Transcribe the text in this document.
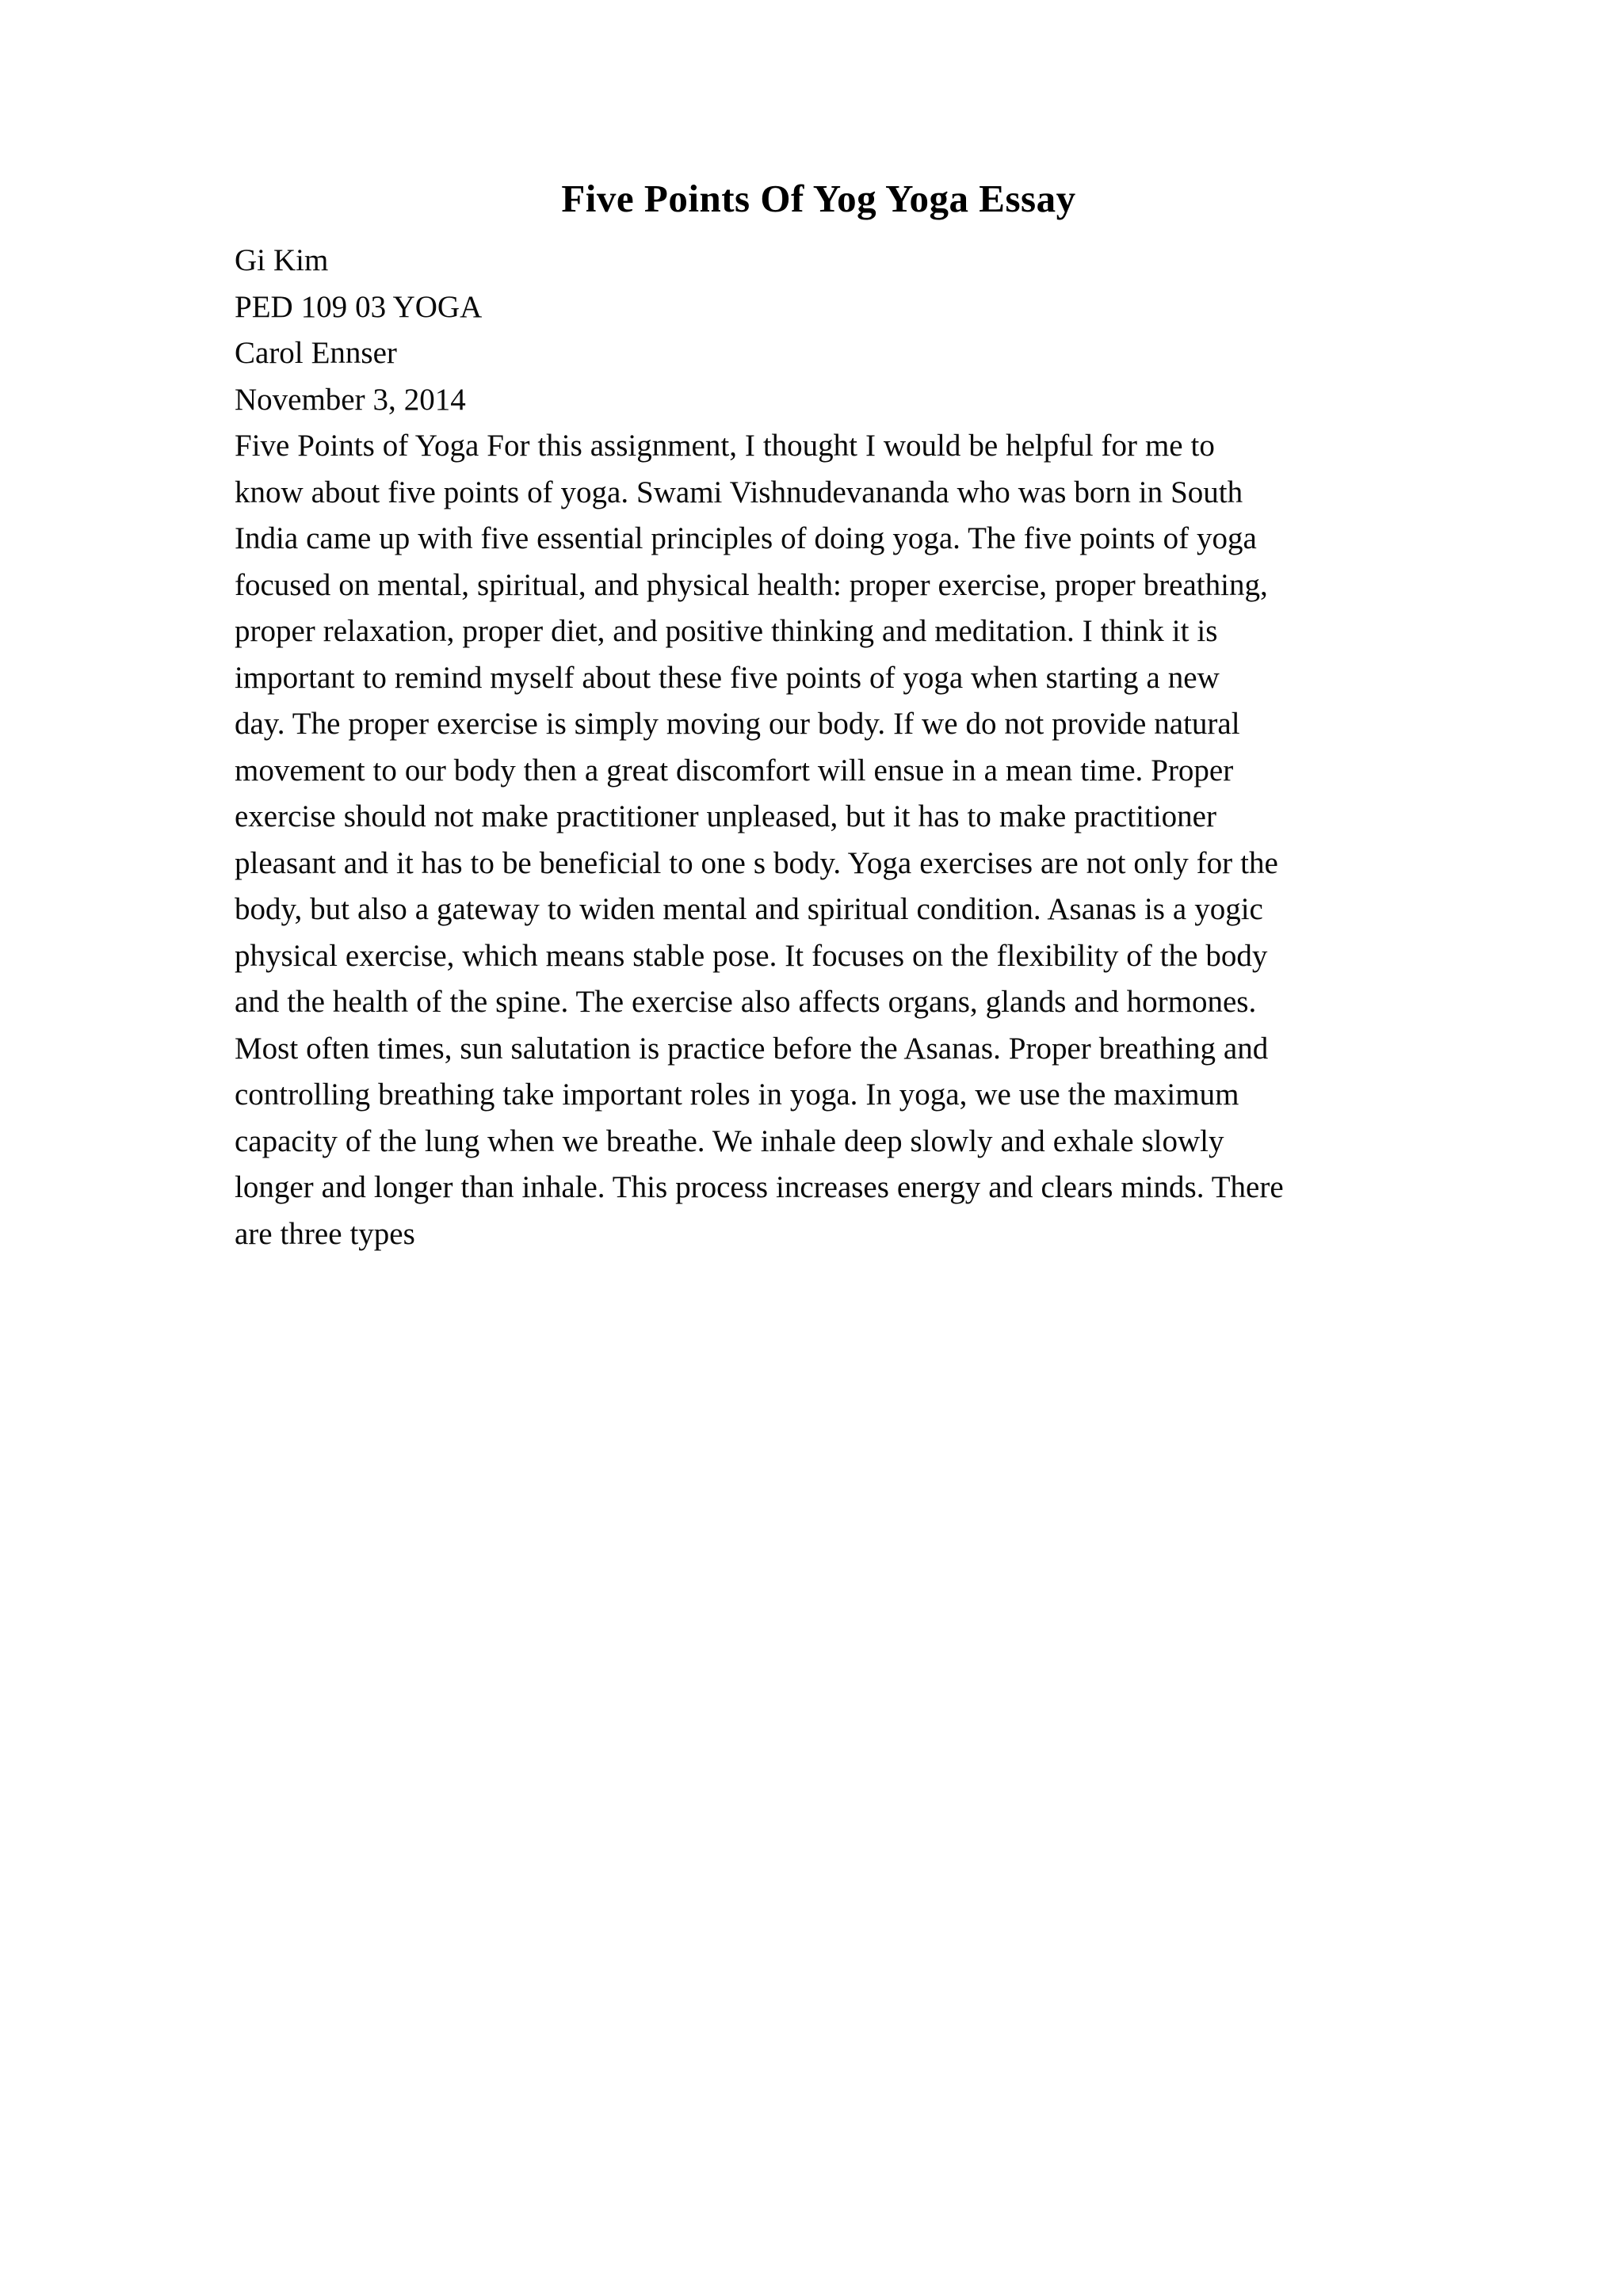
Five Points Of Yog Yoga Essay
Gi Kim
PED 109 03 YOGA
Carol Ennser
November 3, 2014

Five Points of Yoga For this assignment, I thought I would be helpful for me to
know about five points of yoga. Swami Vishnudevananda who was born in South
India came up with five essential principles of doing yoga. The five points of yoga
focused on mental, spiritual, and physical health: proper exercise, proper breathing,
proper relaxation, proper diet, and positive thinking and meditation. I think it is
important to remind myself about these five points of yoga when starting a new
day. The proper exercise is simply moving our body. If we do not provide natural
movement to our body then a great discomfort will ensue in a mean time. Proper
exercise should not make practitioner unpleased, but it has to make practitioner
pleasant and it has to be beneficial to one s body. Yoga exercises are not only for the
body, but also a gateway to widen mental and spiritual condition. Asanas is a yogic
physical exercise, which means stable pose. It focuses on the flexibility of the body
and the health of the spine. The exercise also affects organs, glands and hormones.
Most often times, sun salutation is practice before the Asanas. Proper breathing and
controlling breathing take important roles in yoga. In yoga, we use the maximum
capacity of the lung when we breathe. We inhale deep slowly and exhale slowly
longer and longer than inhale. This process increases energy and clears minds. There
are three types
